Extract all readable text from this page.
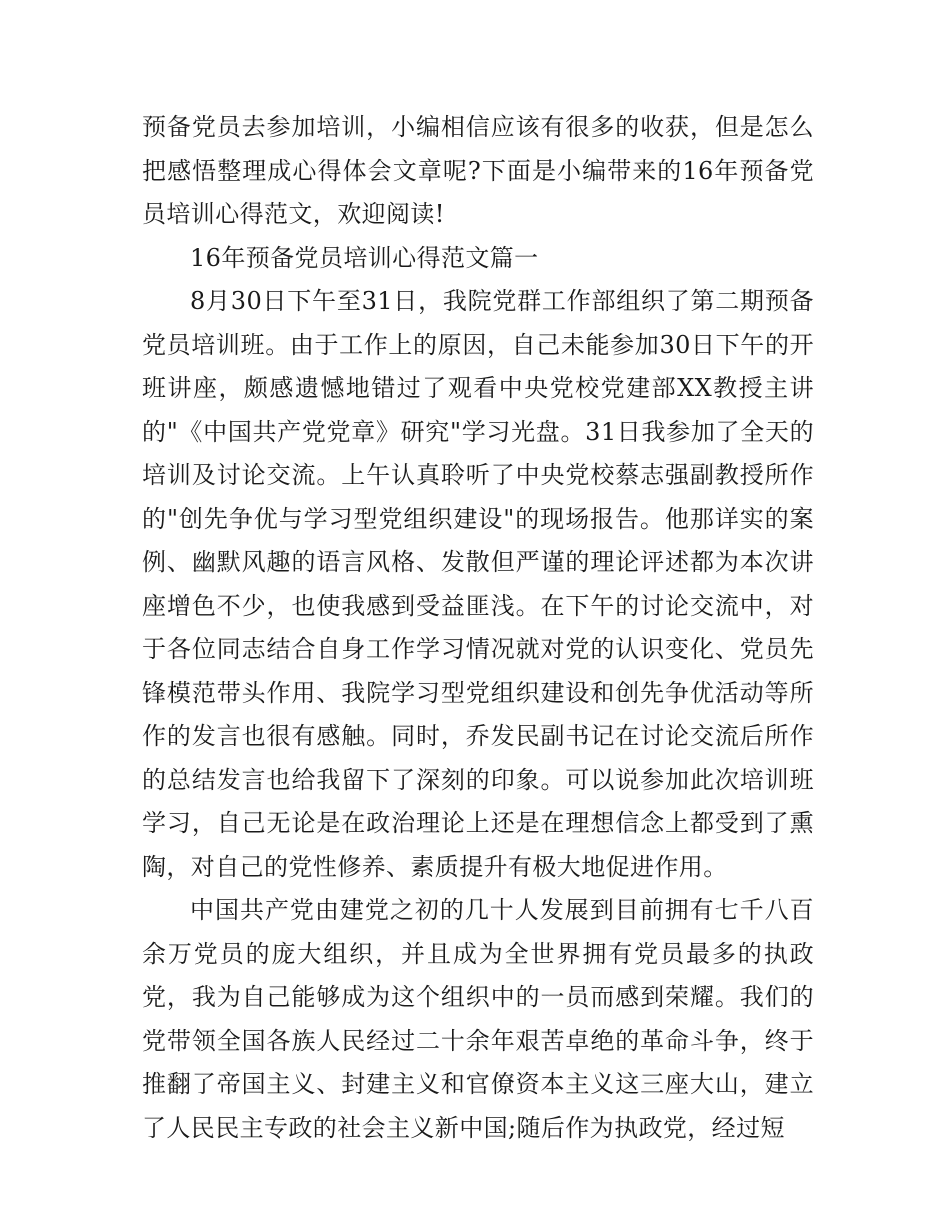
预备党员去参加培训，小编相信应该有很多的收获，但是怎么把感悟整理成心得体会文章呢?下面是小编带来的16年预备党员培训心得范文，欢迎阅读!

16年预备党员培训心得范文篇一

8月30日下午至31日，我院党群工作部组织了第二期预备党员培训班。由于工作上的原因，自己未能参加30日下午的开班讲座，颇感遗憾地错过了观看中央党校党建部XX教授主讲的"《中国共产党党章》研究"学习光盘。31日我参加了全天的培训及讨论交流。上午认真聆听了中央党校蔡志强副教授所作的"创先争优与学习型党组织建设"的现场报告。他那详实的案例、幽默风趣的语言风格、发散但严谨的理论评述都为本次讲座增色不少，也使我感到受益匪浅。在下午的讨论交流中，对于各位同志结合自身工作学习情况就对党的认识变化、党员先锋模范带头作用、我院学习型党组织建设和创先争优活动等所作的发言也很有感触。同时，乔发民副书记在讨论交流后所作的总结发言也给我留下了深刻的印象。可以说参加此次培训班学习，自己无论是在政治理论上还是在理想信念上都受到了熏陶，对自己的党性修养、素质提升有极大地促进作用。

中国共产党由建党之初的几十人发展到目前拥有七千八百余万党员的庞大组织，并且成为全世界拥有党员最多的执政党，我为自己能够成为这个组织中的一员而感到荣耀。我们的党带领全国各族人民经过二十余年艰苦卓绝的革命斗争，终于推翻了帝国主义、封建主义和官僚资本主义这三座大山，建立了人民民主专政的社会主义新中国;随后作为执政党，经过短
